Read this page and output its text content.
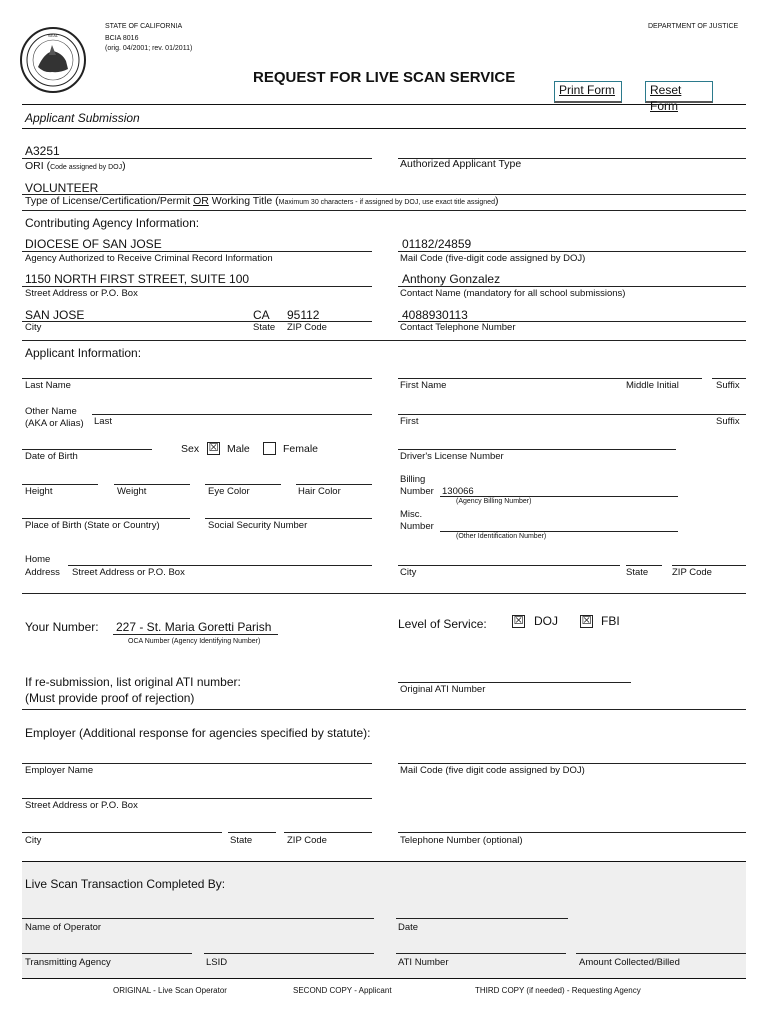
SEAL
STATE OF CALIFORNIA
BCIA 8016
(orig. 04/2001; rev. 01/2011)
DEPARTMENT OF JUSTICE
REQUEST FOR LIVE SCAN SERVICE
Print Form	Reset Form
Applicant Submission
A3251
ORI (Code assigned by DOJ)	Authorized Applicant Type
VOLUNTEER
Type of License/Certification/Permit OR Working Title (Maximum 30 characters - if assigned by DOJ, use exact title assigned)
Contributing Agency Information:
DIOCESE OF SAN JOSE
Agency Authorized to Receive Criminal Record Information
01182/24859
Mail Code (five-digit code assigned by DOJ)
1150 NORTH FIRST STREET, SUITE 100
Street Address or P.O. Box
Anthony Gonzalez
Contact Name (mandatory for all school submissions)
SAN JOSE	CA 95112
City	State ZIP Code
4088930113
Contact Telephone Number
Applicant Information:
Last Name	First Name	Middle Initial	Suffix
Other Name
(AKA or Alias) Last	First	Suffix
Date of Birth
Sex ☒ Male	Female
Driver's License Number
Height	Weight	Eye Color	Hair Color
Billing
Number 130066
(Agency Billing Number)
Place of Birth (State or Country)	Social Security Number
Misc.
Number
(Other Identification Number)
Home
Address Street Address or P.O. Box	City	State	ZIP Code
Your Number: 227 - St. Maria Goretti Parish
OCA Number (Agency Identifying Number)
Level of Service: ☒ DOJ ☒ FBI
If re-submission, list original ATI number:
(Must provide proof of rejection)
Original ATI Number
Employer (Additional response for agencies specified by statute):
Employer Name	Mail Code (five digit code assigned by DOJ)
Street Address or P.O. Box
City	State	ZIP Code	Telephone Number (optional)
Live Scan Transaction Completed By:
Name of Operator	Date
Transmitting Agency	LSID	ATI Number	Amount Collected/Billed
ORIGINAL - Live Scan Operator	SECOND COPY - Applicant	THIRD COPY (if needed) - Requesting Agency
